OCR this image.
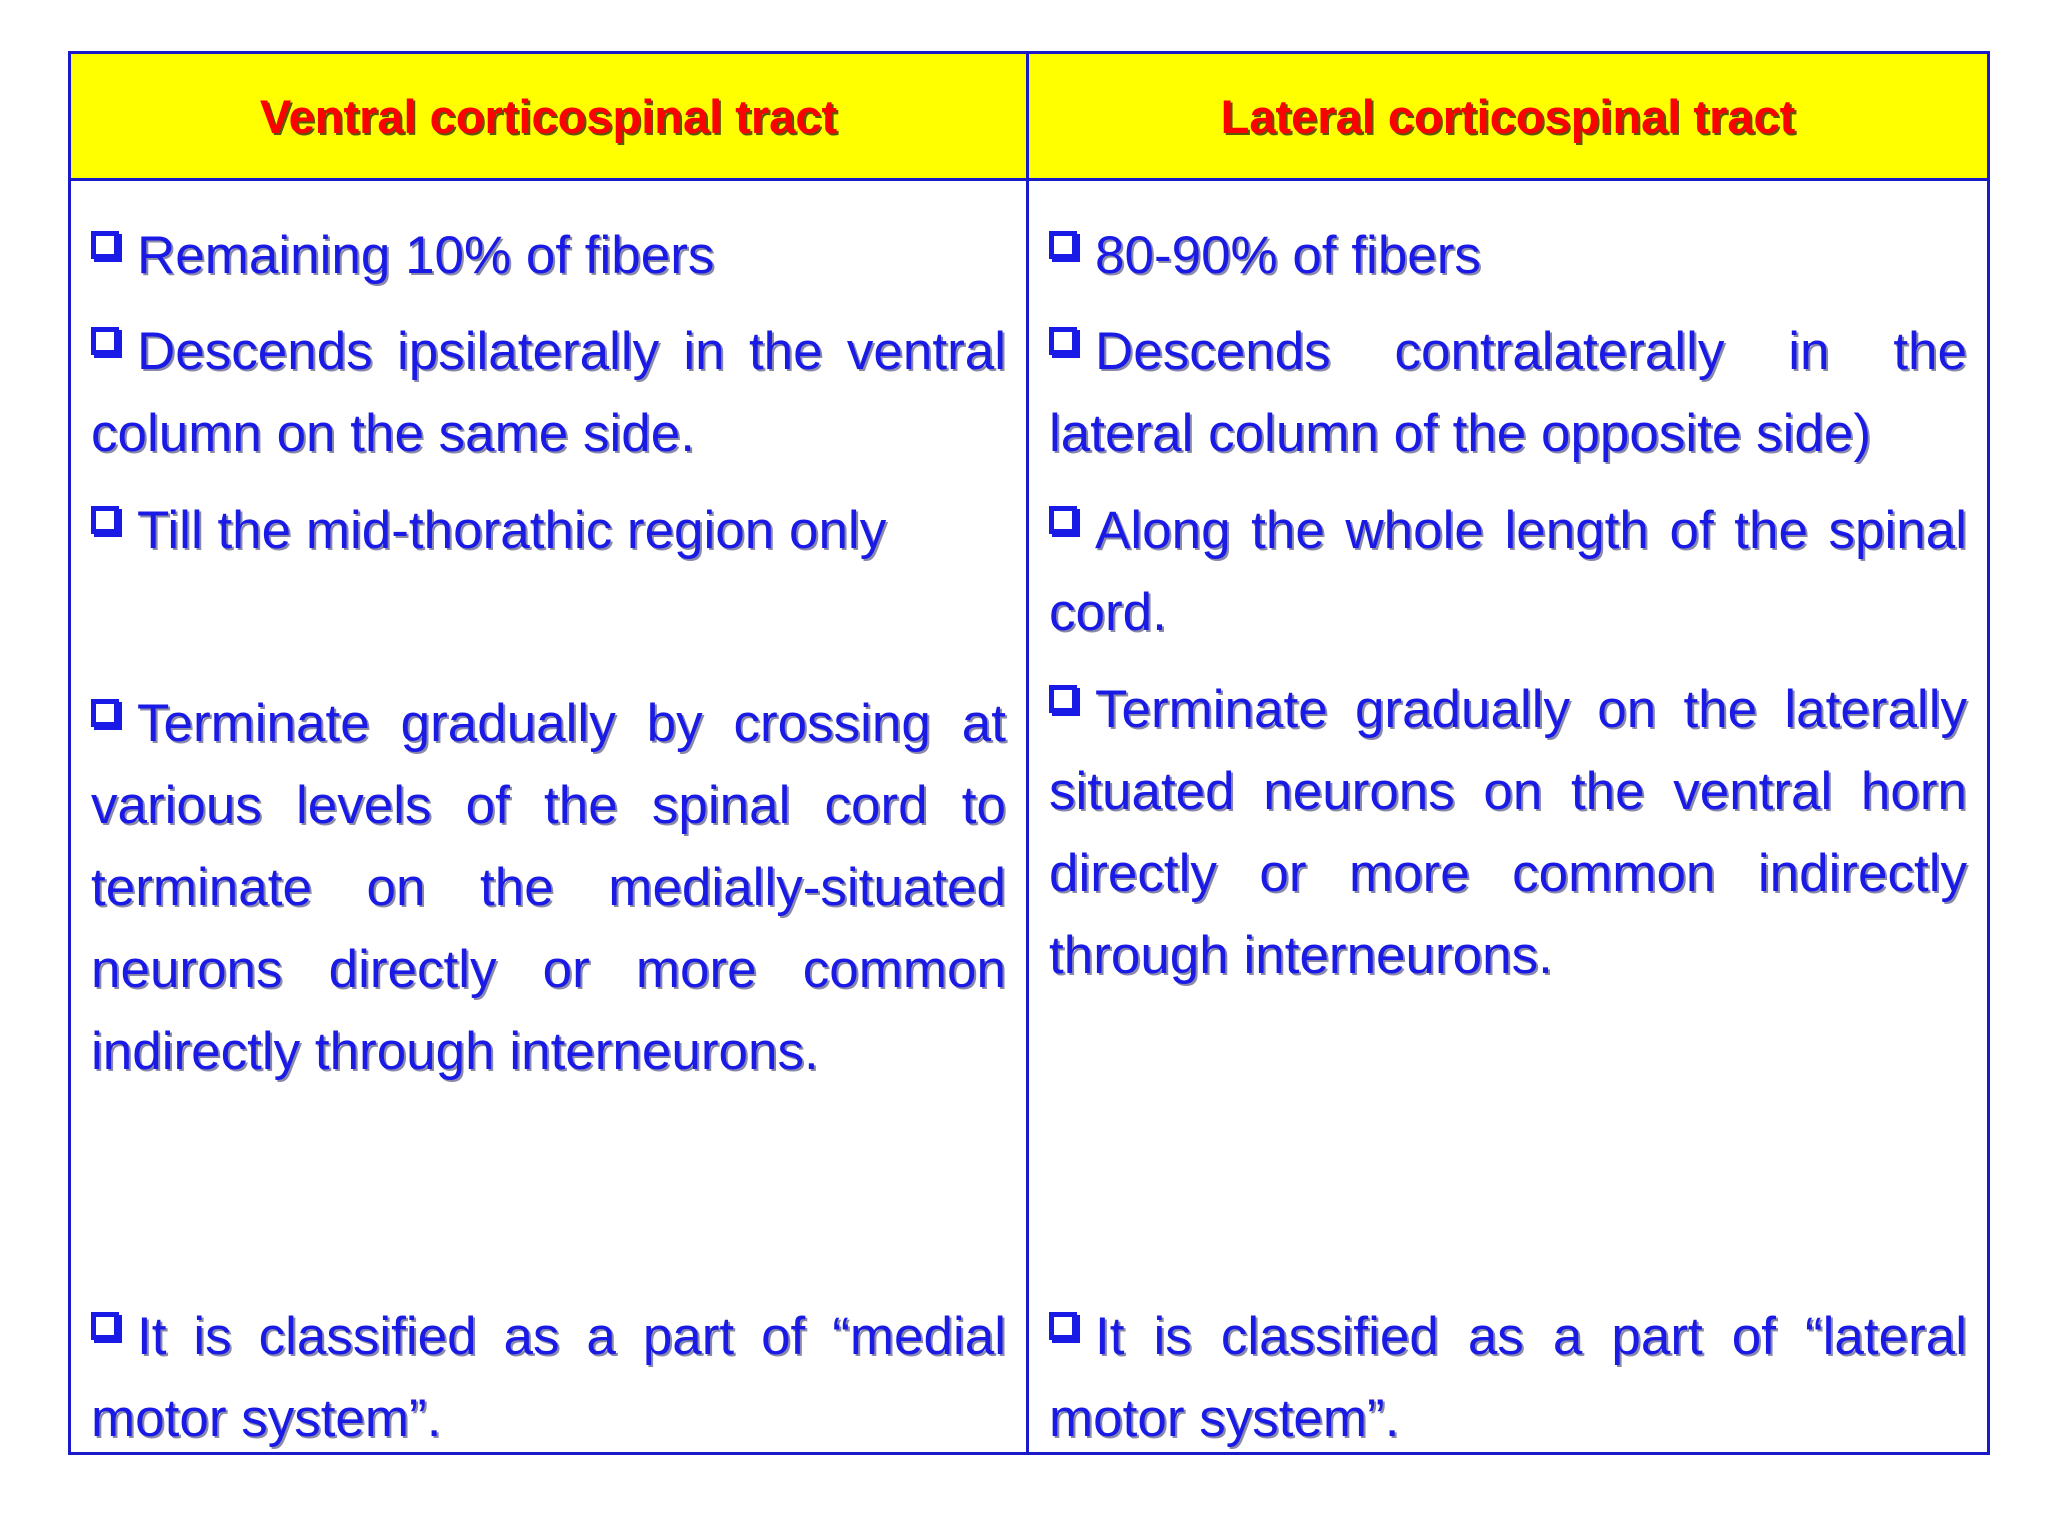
Ventral corticospinal tract	Lateral corticospinal tract
Remaining 10% of fibers
Descends ipsilaterally in the ventral column on the same side.
Till the mid-thorathic region only
Terminate gradually by crossing at various levels of the spinal cord to terminate on the medially-situated neurons directly or more common indirectly through interneurons.
It is classified as a part of “medial motor system”.
80-90% of fibers
Descends contralaterally in the lateral column of the opposite side)
Along the whole length of the spinal cord.
Terminate gradually on the laterally situated neurons on the ventral horn directly or more common indirectly through interneurons.
It is classified as a part of “lateral motor system”.
